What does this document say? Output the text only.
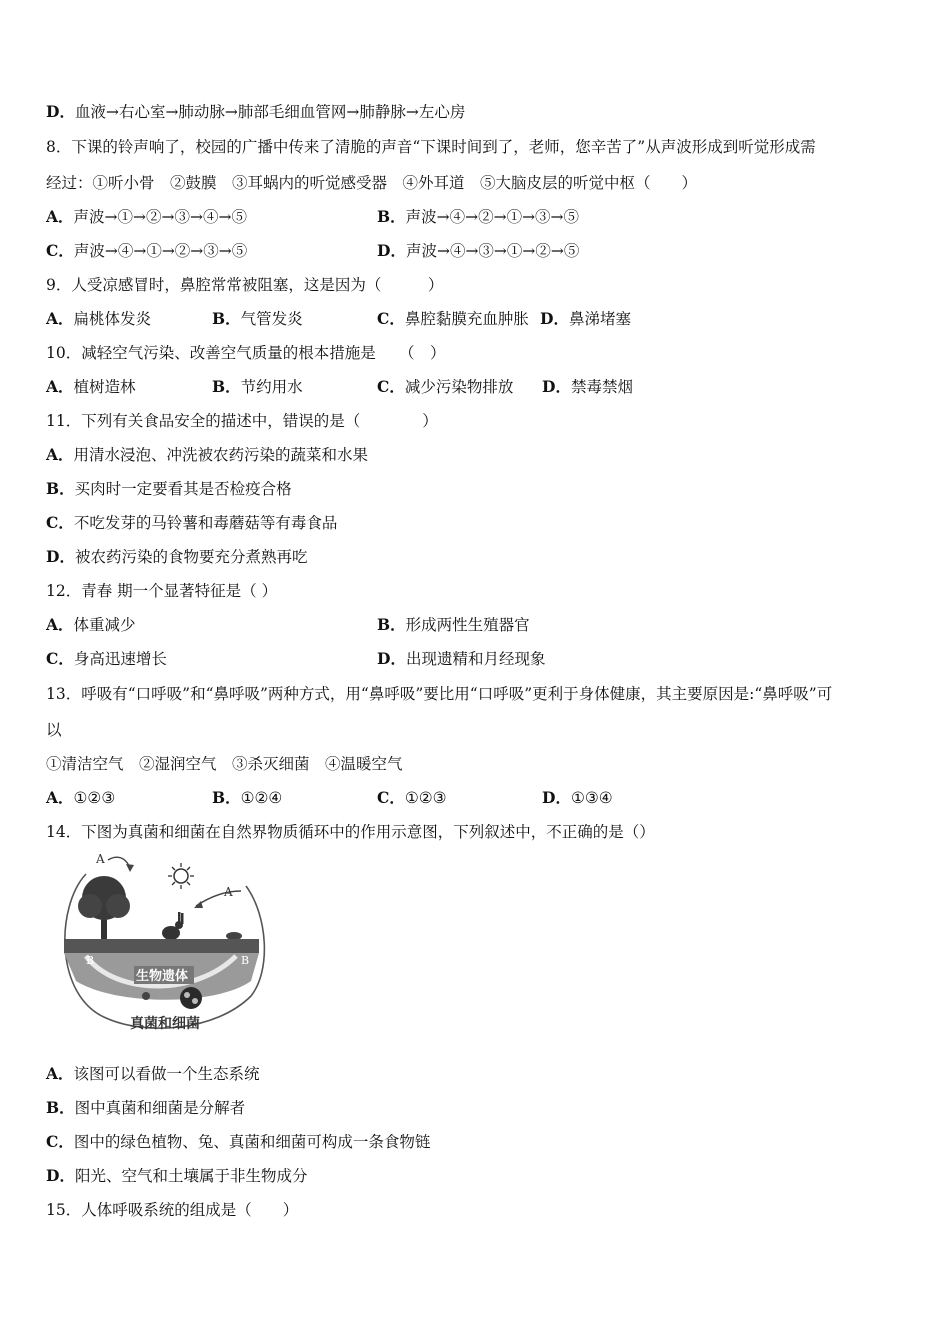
D．血液→右心室→肺动脉→肺部毛细血管网→肺静脉→左心房
8．下课的铃声响了，校园的广播中传来了清脆的声音“下课时间到了，老师，您辛苦了”从声波形成到听觉形成需
经过：①听小骨　②鼓膜　③耳蜗内的听觉感受器　④外耳道　⑤大脑皮层的听觉中枢（　　）
A．声波→①→②→③→④→⑤	B．声波→④→②→①→③→⑤
C．声波→④→①→②→③→⑤	D．声波→④→③→①→②→⑤
9．人受凉感冒时，鼻腔常常被阻塞，这是因为（　　　）
A．扁桃体发炎	B．气管发炎	C．鼻腔黏膜充血肿胀 D．鼻涕堵塞
10．减轻空气污染、改善空气质量的根本措施是　　（　）
A．植树造林	B．节约用水	C．减少污染物排放 D．禁毒禁烟
11．下列有关食品安全的描述中，错误的是（　　　　）
A．用清水浸泡、冲洗被农药污染的蔬菜和水果
B．买肉时一定要看其是否检疫合格
C．不吃发芽的马铃薯和毒蘑菇等有毒食品
D．被农药污染的食物要充分煮熟再吃
12．青春 期一个显著特征是（ ）
A．体重减少	B．形成两性生殖器官
C．身高迅速增长	D．出现遗精和月经现象
13．呼吸有“口呼吸”和“鼻呼吸”两种方式，用“鼻呼吸”要比用“口呼吸”更利于身体健康，其主要原因是:“鼻呼吸”可
以
①清洁空气　②湿润空气　③杀灭细菌　④温暖空气
A．①②③	B．①②④	C．①②③	D．①③④
14．下图为真菌和细菌在自然界物质循环中的作用示意图，下列叙述中，不正确的是（）
A
A
B	B
生物遗体
真菌和细菌
A．该图可以看做一个生态系统
B．图中真菌和细菌是分解者
C．图中的绿色植物、兔、真菌和细菌可构成一条食物链
D．阳光、空气和土壤属于非生物成分
15．人体呼吸系统的组成是（　　）
